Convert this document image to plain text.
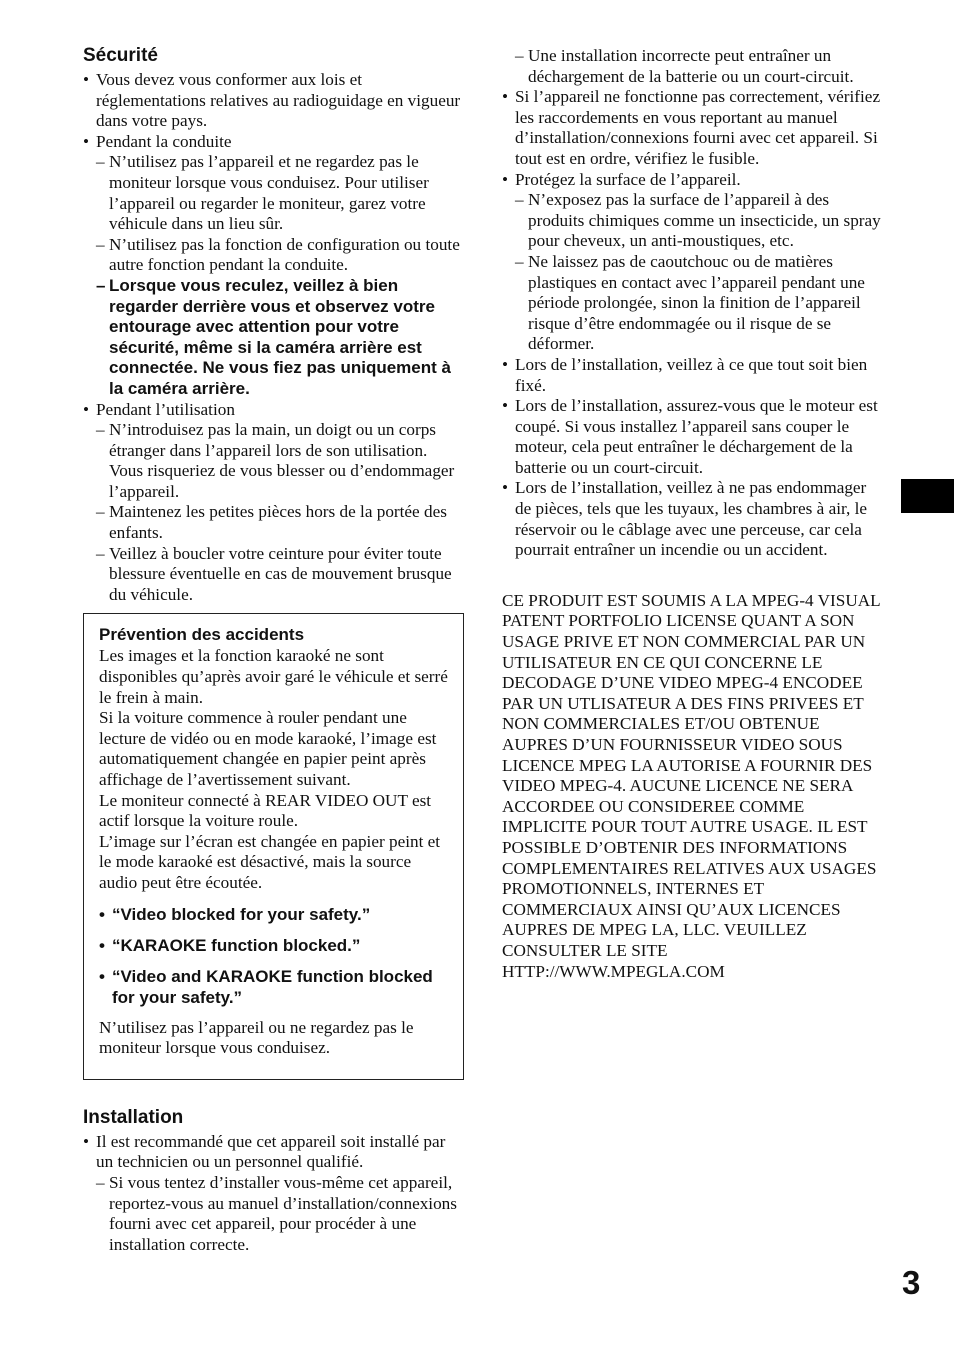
Sécurité
• Vous devez vous conformer aux lois et réglementations relatives au radioguidage en vigueur dans votre pays.
• Pendant la conduite
– N’utilisez pas l’appareil et ne regardez pas le moniteur lorsque vous conduisez. Pour utiliser l’appareil ou regarder le moniteur, garez votre véhicule dans un lieu sûr.
– N’utilisez pas la fonction de configuration ou toute autre fonction pendant la conduite.
– Lorsque vous reculez, veillez à bien regarder derrière vous et observez votre entourage avec attention pour votre sécurité, même si la caméra arrière est connectée. Ne vous fiez pas uniquement à la caméra arrière.
• Pendant l’utilisation
– N’introduisez pas la main, un doigt ou un corps étranger dans l’appareil lors de son utilisation. Vous risqueriez de vous blesser ou d’endommager l’appareil.
– Maintenez les petites pièces hors de la portée des enfants.
– Veillez à boucler votre ceinture pour éviter toute blessure éventuelle en cas de mouvement brusque du véhicule.
Prévention des accidents
Les images et la fonction karaoké ne sont disponibles qu’après avoir garé le véhicule et serré le frein à main.
Si la voiture commence à rouler pendant une lecture de vidéo ou en mode karaoké, l’image est automatiquement changée en papier peint après affichage de l’avertissement suivant.
Le moniteur connecté à REAR VIDEO OUT est actif lorsque la voiture roule.
L’image sur l’écran est changée en papier peint et le mode karaoké est désactivé, mais la source audio peut être écoutée.
• “Video blocked for your safety.”
• “KARAOKE function blocked.”
• “Video and KARAOKE function blocked for your safety.”
N’utilisez pas l’appareil ou ne regardez pas le moniteur lorsque vous conduisez.
Installation
• Il est recommandé que cet appareil soit installé par un technicien ou un personnel qualifié.
– Si vous tentez d’installer vous-même cet appareil, reportez-vous au manuel d’installation/connexions fourni avec cet appareil, pour procéder à une installation correcte.
– Une installation incorrecte peut entraîner un déchargement de la batterie ou un court-circuit.
• Si l’appareil ne fonctionne pas correctement, vérifiez les raccordements en vous reportant au manuel d’installation/connexions fourni avec cet appareil. Si tout est en ordre, vérifiez le fusible.
• Protégez la surface de l’appareil.
– N’exposez pas la surface de l’appareil à des produits chimiques comme un insecticide, un spray pour cheveux, un anti-moustiques, etc.
– Ne laissez pas de caoutchouc ou de matières plastiques en contact avec l’appareil pendant une période prolongée, sinon la finition de l’appareil risque d’être endommagée ou il risque de se déformer.
• Lors de l’installation, veillez à ce que tout soit bien fixé.
• Lors de l’installation, assurez-vous que le moteur est coupé. Si vous installez l’appareil sans couper le moteur, cela peut entraîner le déchargement de la batterie ou un court-circuit.
• Lors de l’installation, veillez à ne pas endommager de pièces, tels que les tuyaux, les chambres à air, le réservoir ou le câblage avec une perceuse, car cela pourrait entraîner un incendie ou un accident.
CE PRODUIT EST SOUMIS A LA MPEG-4 VISUAL PATENT PORTFOLIO LICENSE QUANT A SON USAGE PRIVE ET NON COMMERCIAL PAR UN UTILISATEUR EN CE QUI CONCERNE LE DECODAGE D’UNE VIDEO MPEG-4 ENCODEE PAR UN UTLISATEUR A DES FINS PRIVEES ET NON COMMERCIALES ET/OU OBTENUE AUPRES D’UN FOURNISSEUR VIDEO SOUS LICENCE MPEG LA AUTORISE A FOURNIR DES VIDEO MPEG-4. AUCUNE LICENCE NE SERA ACCORDEE OU CONSIDEREE COMME IMPLICITE POUR TOUT AUTRE USAGE. IL EST POSSIBLE D’OBTENIR DES INFORMATIONS COMPLEMENTAIRES RELATIVES AUX USAGES PROMOTIONNELS, INTERNES ET COMMERCIAUX AINSI QU’AUX LICENCES AUPRES DE MPEG LA, LLC. VEUILLEZ CONSULTER LE SITE HTTP://WWW.MPEGLA.COM
3
